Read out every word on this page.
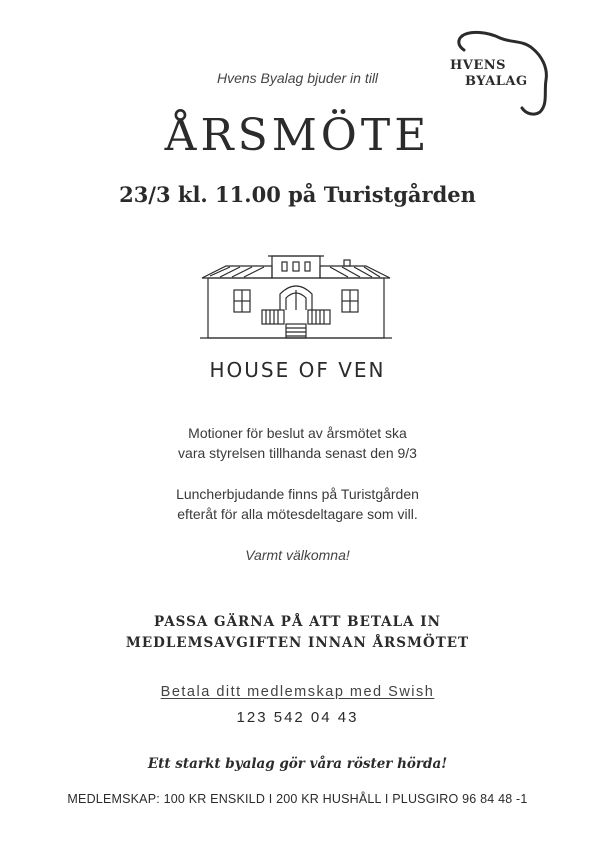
HVENS
BYALAG
Hvens Byalag bjuder in till
ÅRSMÖTE
23/3 kl. 11.00 på Turistgården
HOUSE OF VEN
Motioner för beslut av årsmötet ska
vara styrelsen tillhanda senast den 9/3
Luncherbjudande finns på Turistgården
efteråt för alla mötesdeltagare som vill.
Varmt välkomna!
PASSA GÄRNA PÅ ATT BETALA IN
MEDLEMSAVGIFTEN INNAN ÅRSMÖTET
Betala ditt medlemskap med Swish
123 542 04 43
Ett starkt byalag gör våra röster hörda!
MEDLEMSKAP: 100 KR ENSKILD I 200 KR HUSHÅLL I PLUSGIRO 96 84 48 -1
